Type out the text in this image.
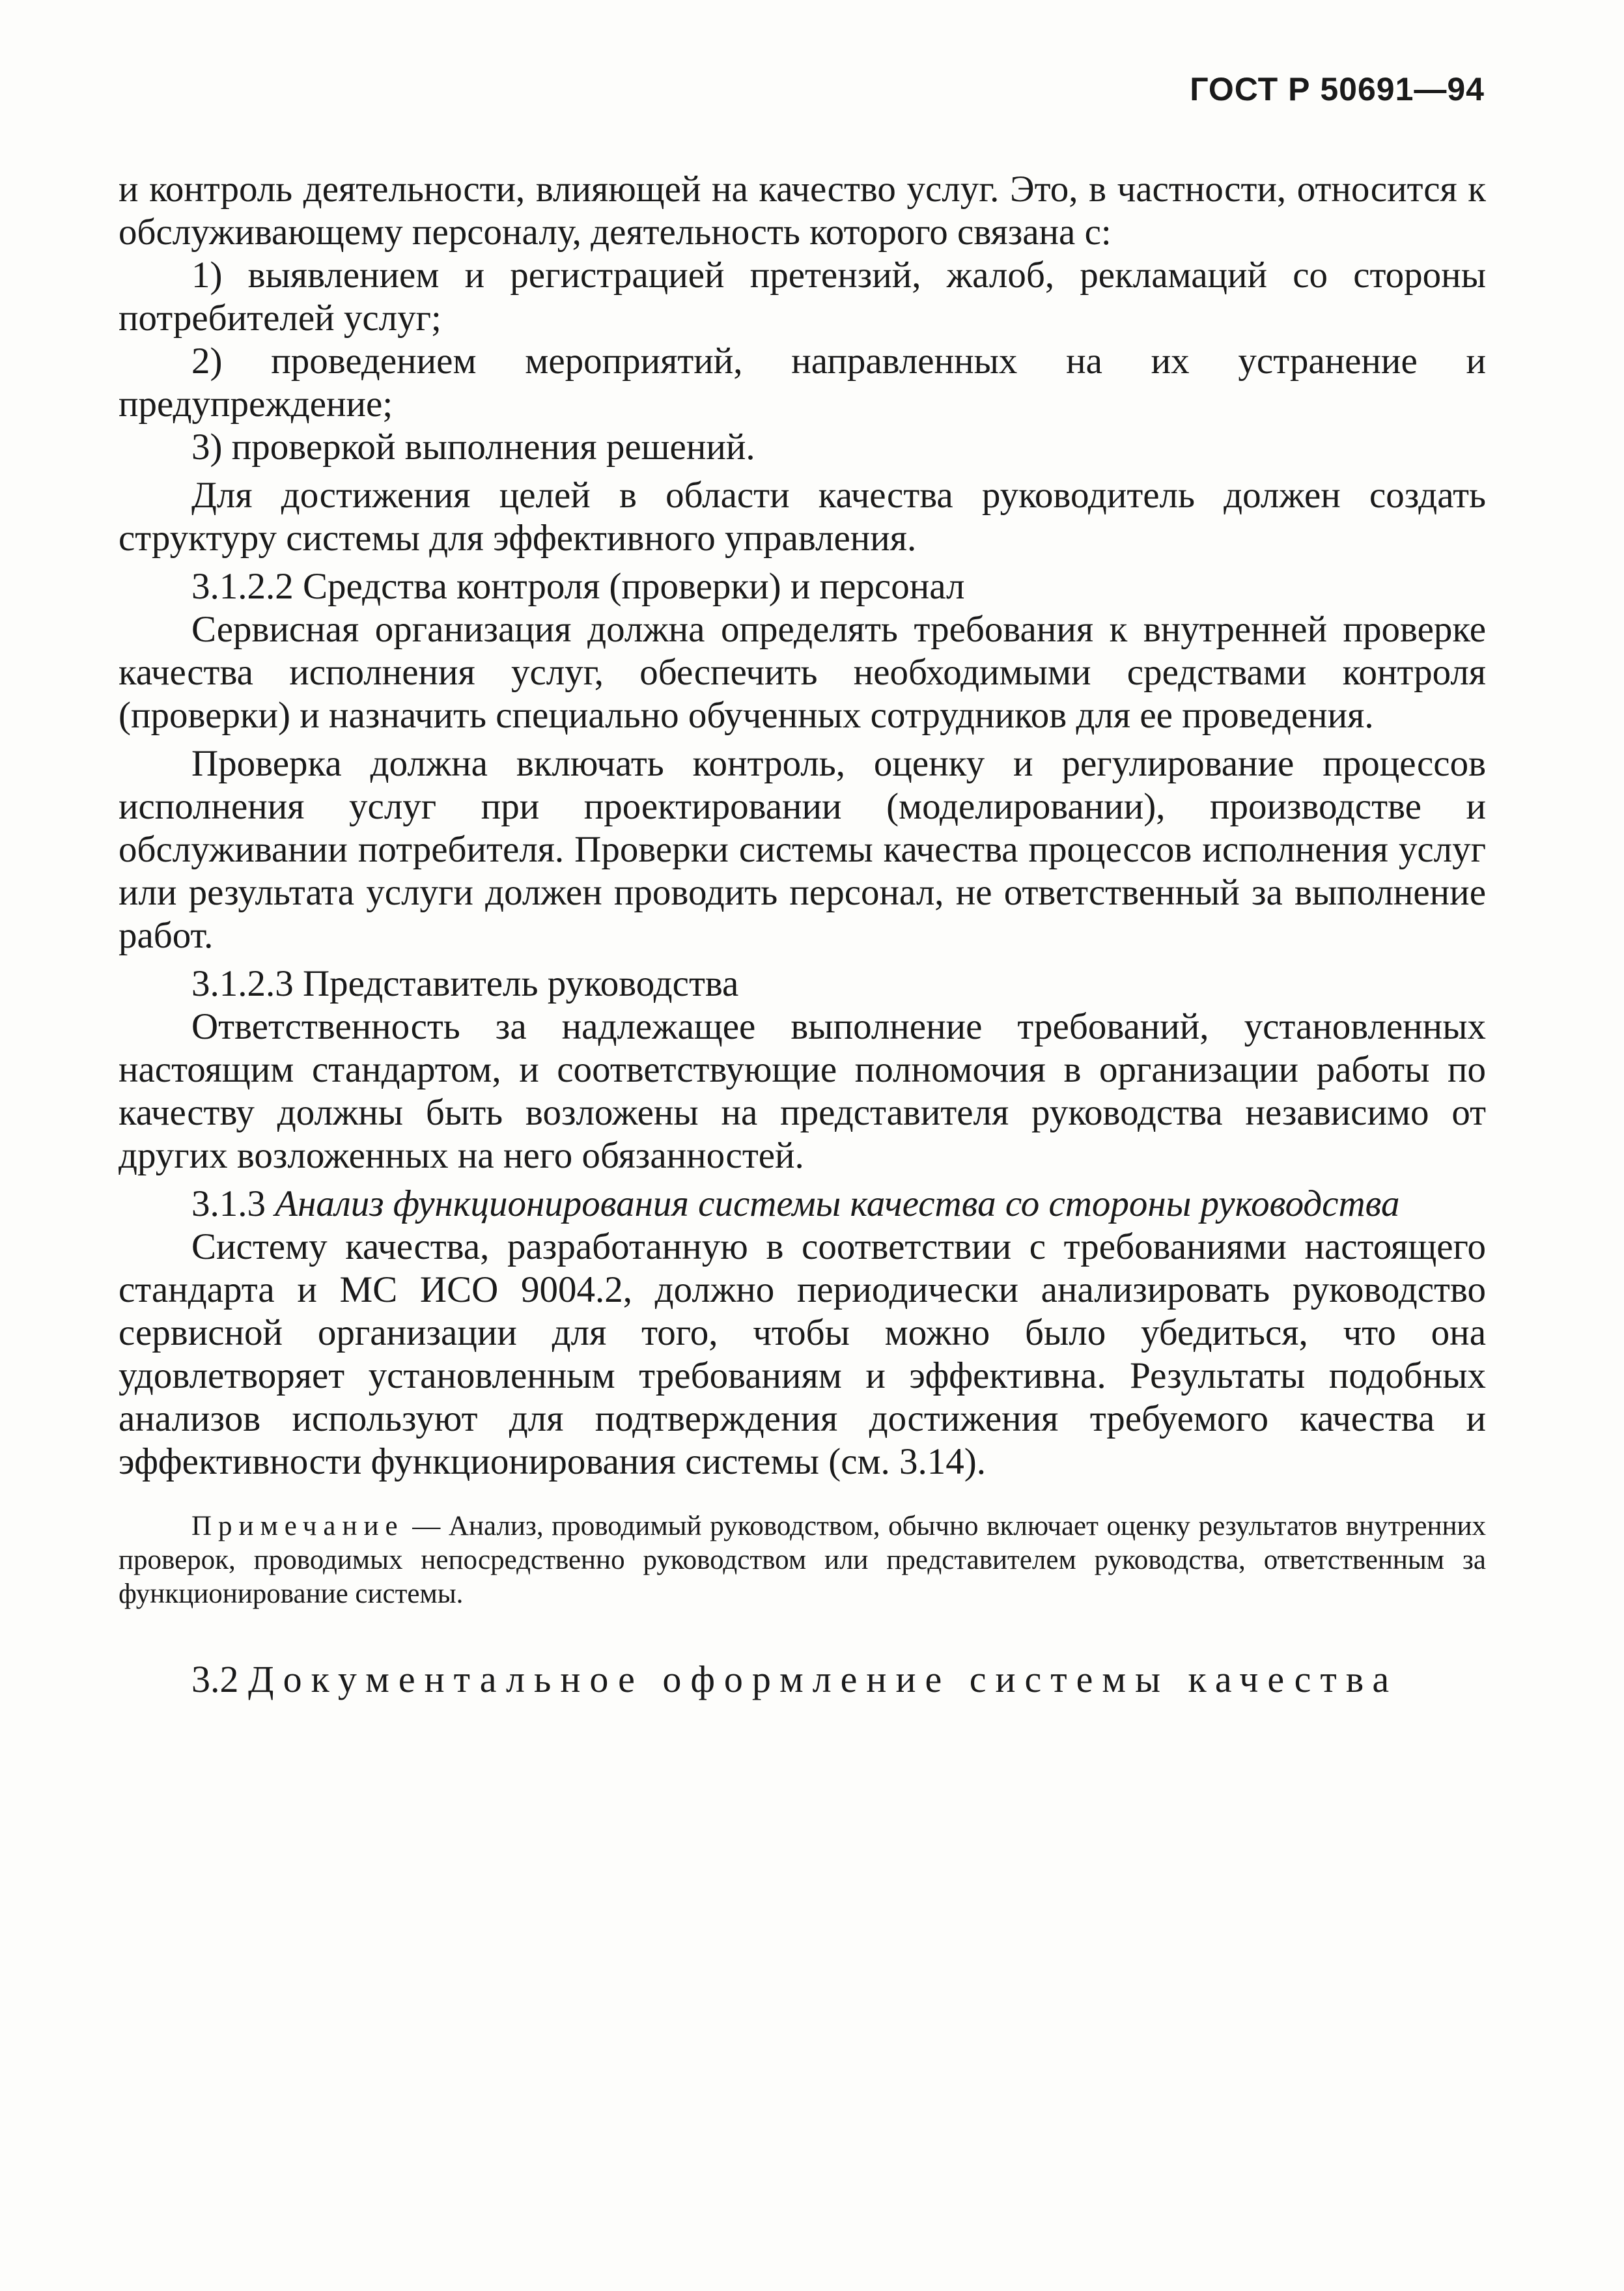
ГОСТ Р 50691—94

и контроль деятельности, влияющей на качество услуг. Это, в частности, относится к обслуживающему персоналу, деятельность которого связана с:

1) выявлением и регистрацией претензий, жалоб, рекламаций со стороны потребителей услуг;

2) проведением мероприятий, направленных на их устранение и предупреждение;

3) проверкой выполнения решений.

Для достижения целей в области качества руководитель должен создать структуру системы для эффективного управления.

3.1.2.2 Средства контроля (проверки) и персонал

Сервисная организация должна определять требования к внутренней проверке качества исполнения услуг, обеспечить необходимыми средствами контроля (проверки) и назначить специально обученных сотрудников для ее проведения.

Проверка должна включать контроль, оценку и регулирование процессов исполнения услуг при проектировании (моделировании), производстве и обслуживании потребителя. Проверки системы качества процессов исполнения услуг или результата услуги должен проводить персонал, не ответственный за выполнение работ.

3.1.2.3 Представитель руководства

Ответственность за надлежащее выполнение требований, установленных настоящим стандартом, и соответствующие полномочия в организации работы по качеству должны быть возложены на представителя руководства независимо от других возложенных на него обязанностей.

3.1.3 Анализ функционирования системы качества со стороны руководства

Систему качества, разработанную в соответствии с требованиями настоящего стандарта и МС ИСО 9004.2, должно периодически анализировать руководство сервисной организации для того, чтобы можно было убедиться, что она удовлетворяет установленным требованиям и эффективна. Результаты подобных анализов используют для подтверждения достижения требуемого качества и эффективности функционирования системы (см. 3.14).

Примечание — Анализ, проводимый руководством, обычно включает оценку результатов внутренних проверок, проводимых непосредственно руководством или представителем руководства, ответственным за функционирование системы.

3.2 Документальное оформление системы качества
